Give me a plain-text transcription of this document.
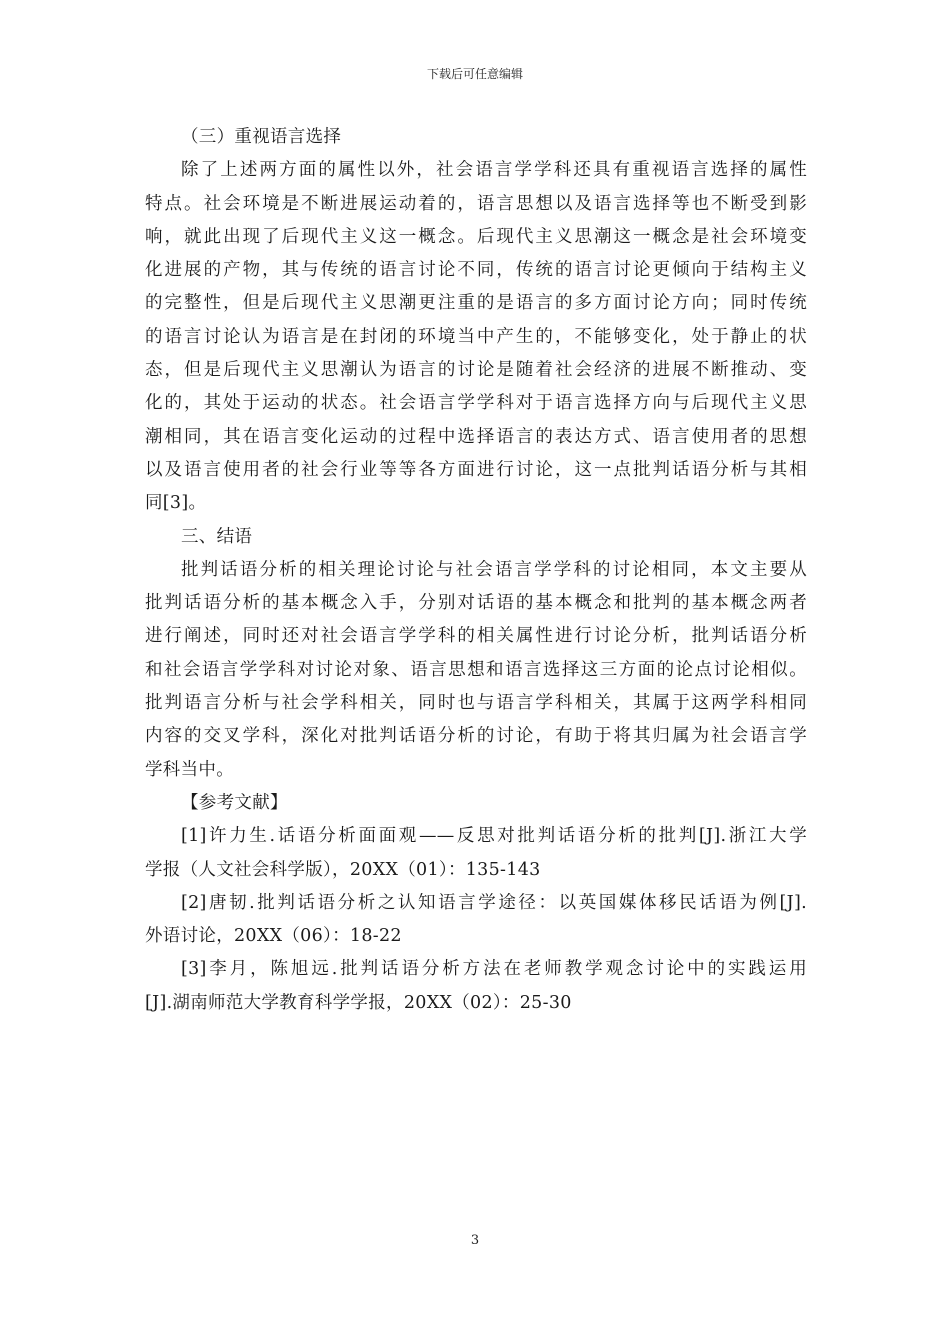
下载后可任意编辑
（三）重视语言选择
除了上述两方面的属性以外，社会语言学学科还具有重视语言选择的属性
特点。社会环境是不断进展运动着的，语言思想以及语言选择等也不断受到影
响，就此出现了后现代主义这一概念。后现代主义思潮这一概念是社会环境变
化进展的产物，其与传统的语言讨论不同，传统的语言讨论更倾向于结构主义
的完整性，但是后现代主义思潮更注重的是语言的多方面讨论方向；同时传统
的语言讨论认为语言是在封闭的环境当中产生的，不能够变化，处于静止的状
态，但是后现代主义思潮认为语言的讨论是随着社会经济的进展不断推动、变
化的，其处于运动的状态。社会语言学学科对于语言选择方向与后现代主义思
潮相同，其在语言变化运动的过程中选择语言的表达方式、语言使用者的思想
以及语言使用者的社会行业等等各方面进行讨论，这一点批判话语分析与其相
同[3]。
三、结语
批判话语分析的相关理论讨论与社会语言学学科的讨论相同，本文主要从
批判话语分析的基本概念入手，分别对话语的基本概念和批判的基本概念两者
进行阐述，同时还对社会语言学学科的相关属性进行讨论分析，批判话语分析
和社会语言学学科对讨论对象、语言思想和语言选择这三方面的论点讨论相似。
批判语言分析与社会学科相关，同时也与语言学科相关，其属于这两学科相同
内容的交叉学科，深化对批判话语分析的讨论，有助于将其归属为社会语言学
学科当中。
【参考文献】
[1]许力生.话语分析面面观——反思对批判话语分析的批判[J].浙江大学
学报（人文社会科学版），20XX（01）：135-143
[2]唐韧.批判话语分析之认知语言学途径：以英国媒体移民话语为例[J].
外语讨论，20XX（06）：18-22
[3]李月，陈旭远.批判话语分析方法在老师教学观念讨论中的实践运用
[J].湖南师范大学教育科学学报，20XX（02）：25-30
3
